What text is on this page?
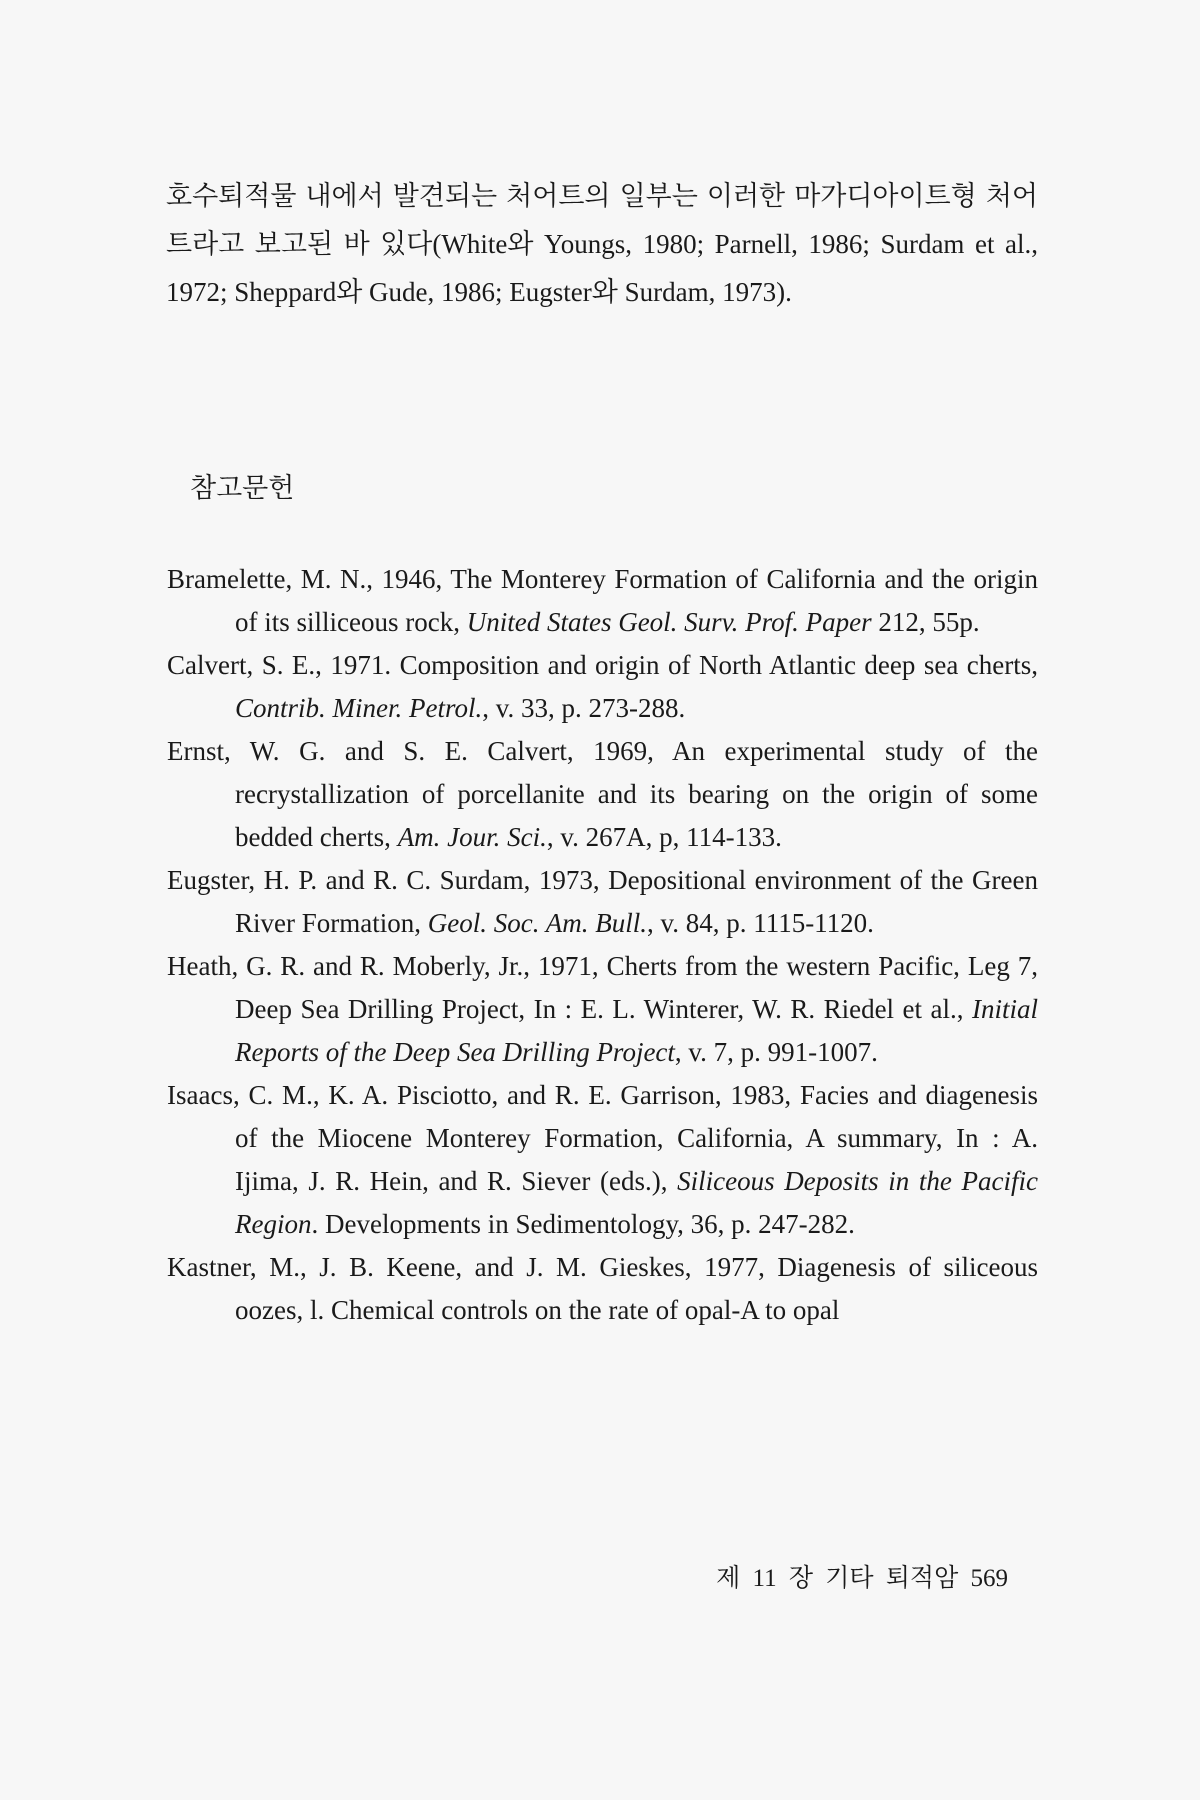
호수퇴적물 내에서 발견되는 처어트의 일부는 이러한 마가디아이트형 처어트라고 보고된 바 있다(White와 Youngs, 1980; Parnell, 1986; Surdam et al., 1972; Sheppard와 Gude, 1986; Eugster와 Surdam, 1973).
참고문헌
Bramelette, M. N., 1946, The Monterey Formation of California and the origin of its silliceous rock, United States Geol. Surv. Prof. Paper 212, 55p.
Calvert, S. E., 1971. Composition and origin of North Atlantic deep sea cherts, Contrib. Miner. Petrol., v. 33, p. 273-288.
Ernst, W. G. and S. E. Calvert, 1969, An experimental study of the recrystallization of porcellanite and its bearing on the origin of some bedded cherts, Am. Jour. Sci., v. 267A, p, 114-133.
Eugster, H. P. and R. C. Surdam, 1973, Depositional environment of the Green River Formation, Geol. Soc. Am. Bull., v. 84, p. 1115-1120.
Heath, G. R. and R. Moberly, Jr., 1971, Cherts from the western Pacific, Leg 7, Deep Sea Drilling Project, In : E. L. Winterer, W. R. Riedel et al., Initial Reports of the Deep Sea Drilling Project, v. 7, p. 991-1007.
Isaacs, C. M., K. A. Pisciotto, and R. E. Garrison, 1983, Facies and diagenesis of the Miocene Monterey Formation, California, A summary, In : A. Ijima, J. R. Hein, and R. Siever (eds.), Siliceous Deposits in the Pacific Region. Developments in Sedimentology, 36, p. 247-282.
Kastner, M., J. B. Keene, and J. M. Gieskes, 1977, Diagenesis of siliceous oozes, l. Chemical controls on the rate of opal-A to opal
제 11 장 기타 퇴적암 569
